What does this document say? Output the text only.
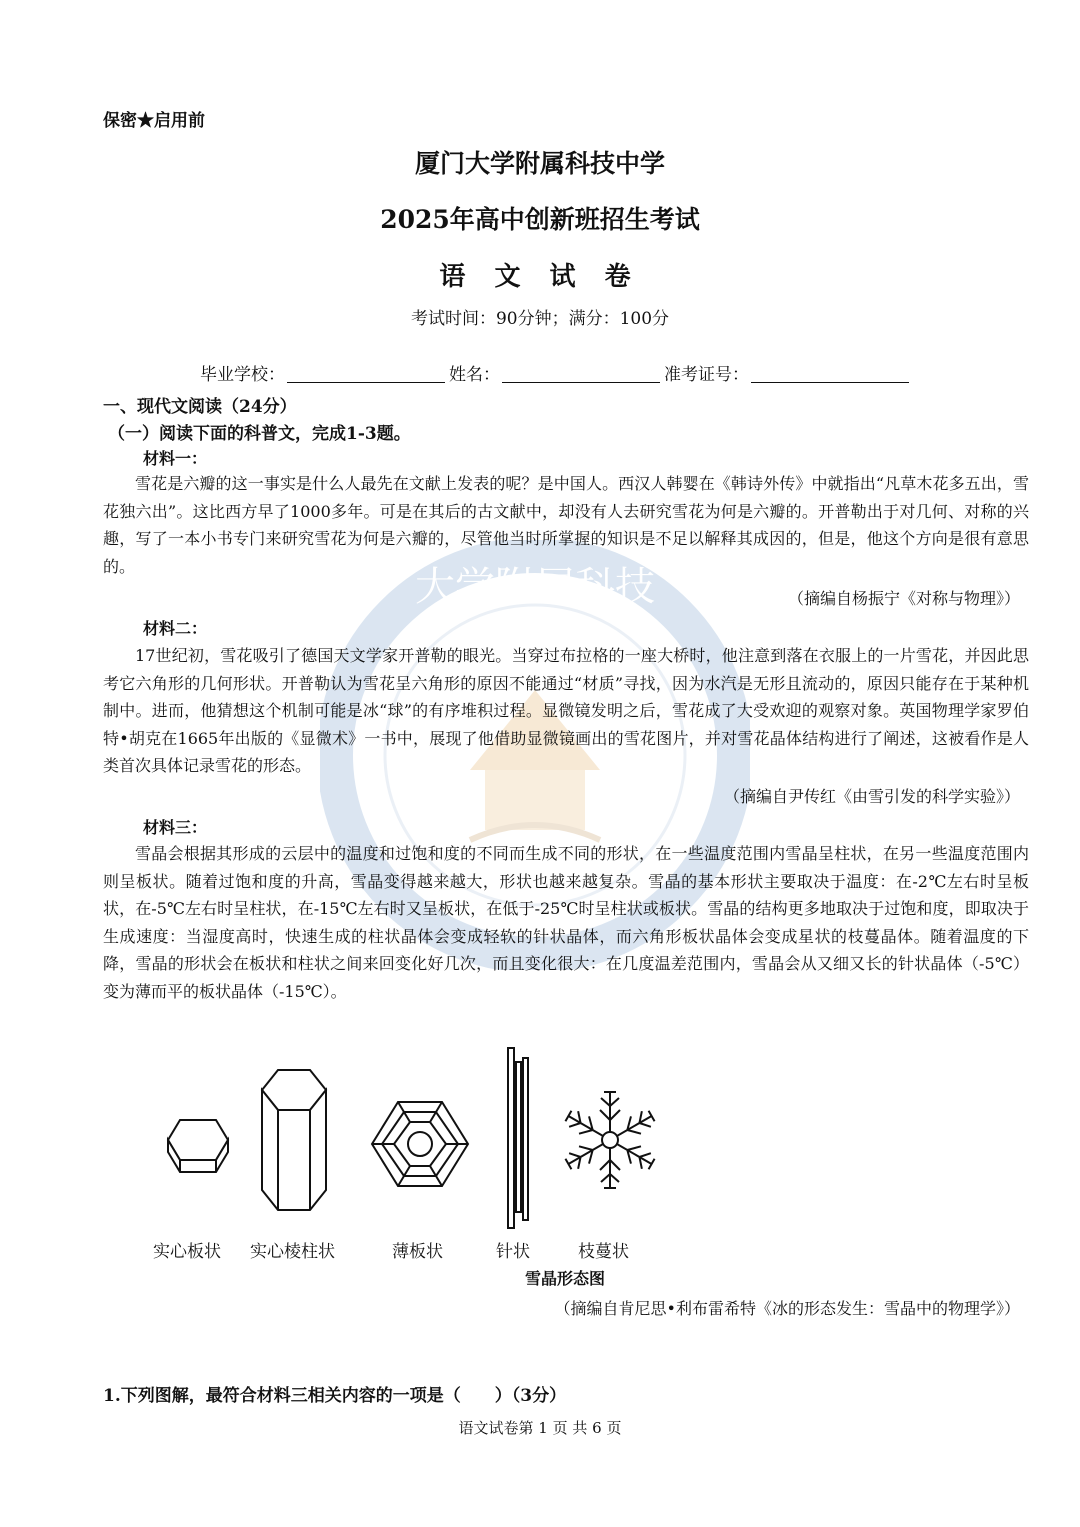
大学附属科技
保密★启用前
厦门大学附属科技中学
2025年高中创新班招生考试
语 文 试 卷
考试时间：90分钟；满分：100分
毕业学校：	姓名：	准考证号：
一、现代文阅读（24分）
（一）阅读下面的科普文，完成1-3题。
材料一：
雪花是六瓣的这一事实是什么人最先在文献上发表的呢？是中国人。西汉人韩婴在《韩诗外传》中就指出“凡草木花多五出，雪花独六出”。这比西方早了1000多年。可是在其后的古文献中，却没有人去研究雪花为何是六瓣的。开普勒出于对几何、对称的兴趣，写了一本小书专门来研究雪花为何是六瓣的，尽管他当时所掌握的知识是不足以解释其成因的，但是，他这个方向是很有意思的。
（摘编自杨振宁《对称与物理》）
材料二：
17世纪初，雪花吸引了德国天文学家开普勒的眼光。当穿过布拉格的一座大桥时，他注意到落在衣服上的一片雪花，并因此思考它六角形的几何形状。开普勒认为雪花呈六角形的原因不能通过“材质”寻找，因为水汽是无形且流动的，原因只能存在于某种机制中。进而，他猜想这个机制可能是冰“球”的有序堆积过程。显微镜发明之后，雪花成了大受欢迎的观察对象。英国物理学家罗伯特•胡克在1665年出版的《显微术》一书中，展现了他借助显微镜画出的雪花图片，并对雪花晶体结构进行了阐述，这被看作是人类首次具体记录雪花的形态。
（摘编自尹传红《由雪引发的科学实验》）
材料三：
雪晶会根据其形成的云层中的温度和过饱和度的不同而生成不同的形状，在一些温度范围内雪晶呈柱状，在另一些温度范围内则呈板状。随着过饱和度的升高，雪晶变得越来越大，形状也越来越复杂。雪晶的基本形状主要取决于温度：在-2℃左右时呈板状，在-5℃左右时呈柱状，在-15℃左右时又呈板状，在低于-25℃时呈柱状或板状。雪晶的结构更多地取决于过饱和度，即取决于生成速度：当湿度高时，快速生成的柱状晶体会变成轻软的针状晶体，而六角形板状晶体会变成星状的枝蔓晶体。随着温度的下降，雪晶的形状会在板状和柱状之间来回变化好几次，而且变化很大：在几度温差范围内，雪晶会从又细又长的针状晶体（-5℃）变为薄而平的板状晶体（-15℃）。
实心板状 实心棱柱状	薄板状	针状	枝蔓状
雪晶形态图
（摘编自肯尼思•利布雷希特《冰的形态发生：雪晶中的物理学》）
1.下列图解，最符合材料三相关内容的一项是（　　）（3分）
语文试卷第 1 页 共 6 页
